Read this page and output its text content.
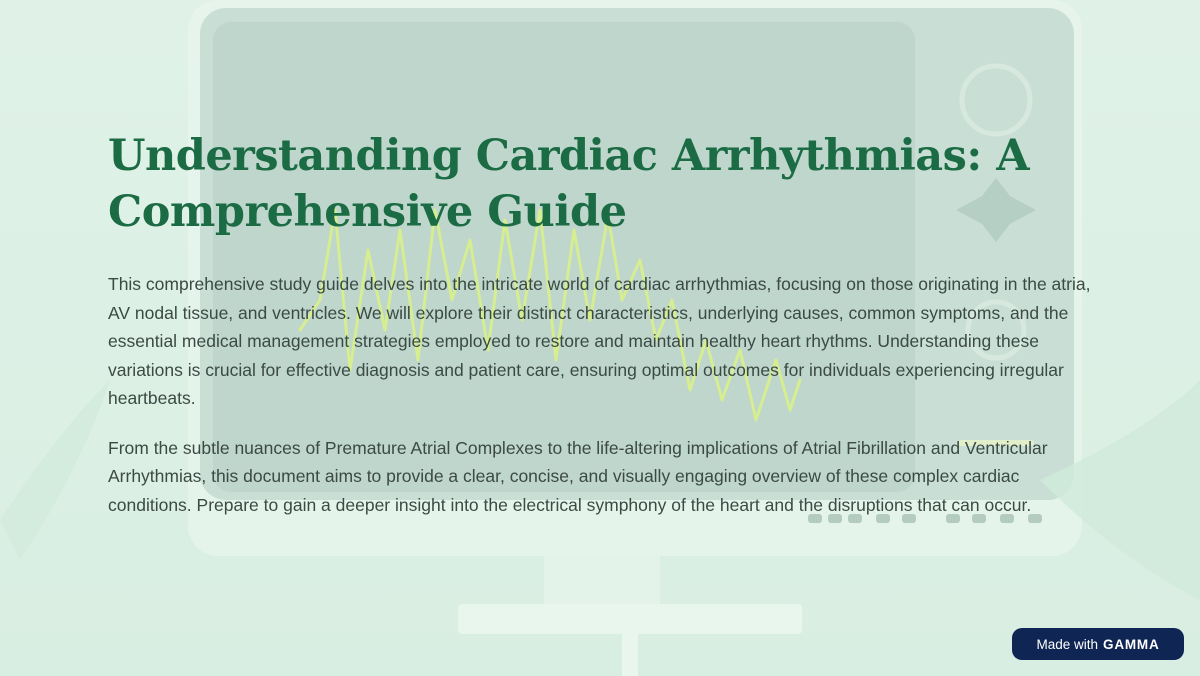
Understanding Cardiac Arrhythmias: A Comprehensive Guide

This comprehensive study guide delves into the intricate world of cardiac arrhythmias, focusing on those originating in the atria, AV nodal tissue, and ventricles. We will explore their distinct characteristics, underlying causes, common symptoms, and the essential medical management strategies employed to restore and maintain healthy heart rhythms. Understanding these variations is crucial for effective diagnosis and patient care, ensuring optimal outcomes for individuals experiencing irregular heartbeats.

From the subtle nuances of Premature Atrial Complexes to the life-altering implications of Atrial Fibrillation and Ventricular Arrhythmias, this document aims to provide a clear, concise, and visually engaging overview of these complex cardiac conditions. Prepare to gain a deeper insight into the electrical symphony of the heart and the disruptions that can occur.

Made with GAMMA
